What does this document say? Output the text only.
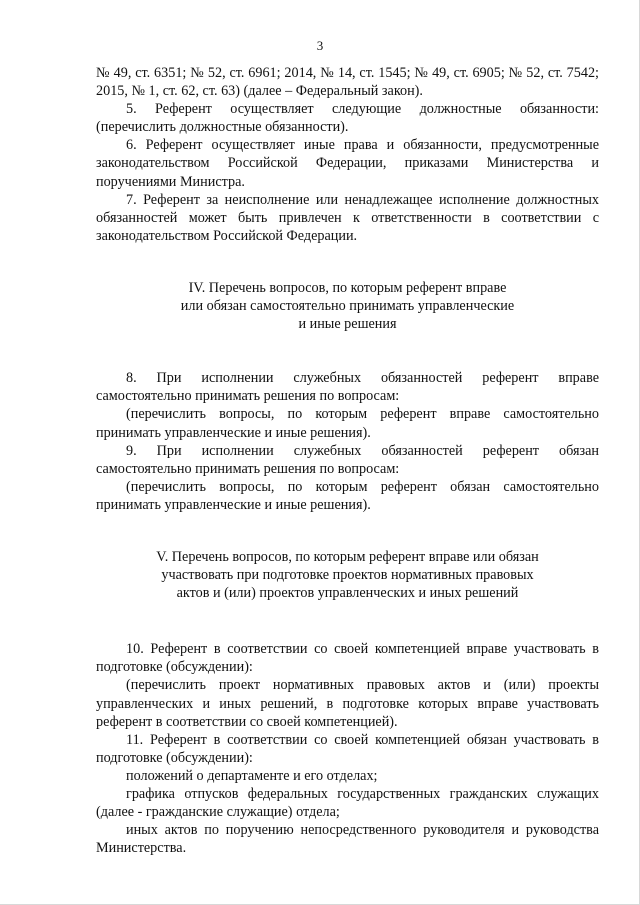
3

№ 49, ст. 6351; № 52, ст. 6961; 2014, № 14, ст. 1545; № 49, ст. 6905; № 52, ст. 7542; 2015, № 1, ст. 62, ст. 63) (далее – Федеральный закон).

5. Референт осуществляет следующие должностные обязанности: (перечислить должностные обязанности).

6. Референт осуществляет иные права и обязанности, предусмотренные законодательством Российской Федерации, приказами Министерства и поручениями Министра.

7. Референт за неисполнение или ненадлежащее исполнение должностных обязанностей может быть привлечен к ответственности в соответствии с законодательством Российской Федерации.

IV. Перечень вопросов, по которым референт вправе

или обязан самостоятельно принимать управленческие

и иные решения

8. При исполнении служебных обязанностей референт вправе самостоятельно принимать решения по вопросам:

(перечислить вопросы, по которым референт вправе самостоятельно принимать управленческие и иные решения).

9. При исполнении служебных обязанностей референт обязан самостоятельно принимать решения по вопросам:

(перечислить вопросы, по которым референт обязан самостоятельно принимать управленческие и иные решения).

V. Перечень вопросов, по которым референт вправе или обязан

участвовать при подготовке проектов нормативных правовых

актов и (или) проектов управленческих и иных решений

10. Референт в соответствии со своей компетенцией вправе участвовать в подготовке (обсуждении):

(перечислить проект нормативных правовых актов и (или) проекты управленческих и иных решений, в подготовке которых вправе участвовать референт в соответствии со своей компетенцией).

11. Референт в соответствии со своей компетенцией обязан участвовать в подготовке (обсуждении):

положений о департаменте и его отделах;

графика отпусков федеральных государственных гражданских служащих (далее - гражданские служащие) отдела;

иных актов по поручению непосредственного руководителя и руководства Министерства.
